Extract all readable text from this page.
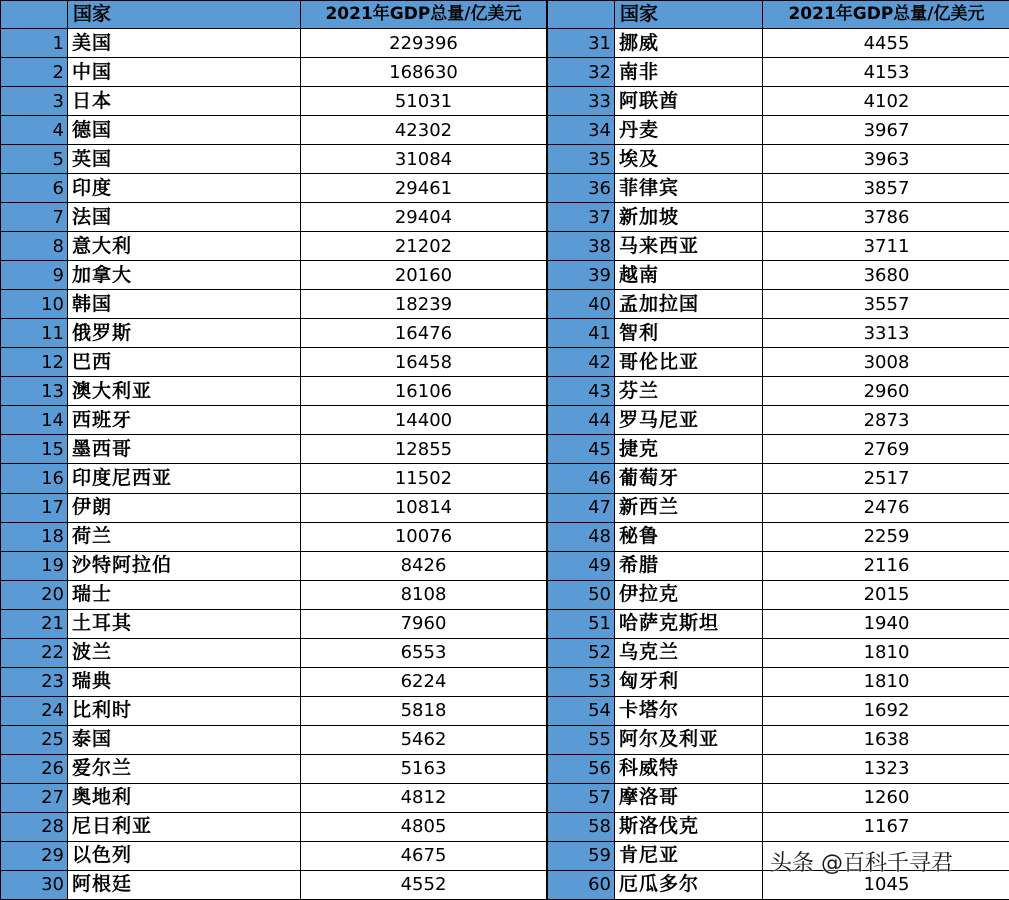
	国家	2021年GDP总量/亿美元
1	美国	229396
2	中国	168630
3	日本	51031
4	德国	42302
5	英国	31084
6	印度	29461
7	法国	29404
8	意大利	21202
9	加拿大	20160
10	韩国	18239
11	俄罗斯	16476
12	巴西	16458
13	澳大利亚	16106
14	西班牙	14400
15	墨西哥	12855
16	印度尼西亚	11502
17	伊朗	10814
18	荷兰	10076
19	沙特阿拉伯	8426
20	瑞士	8108
21	土耳其	7960
22	波兰	6553
23	瑞典	6224
24	比利时	5818
25	泰国	5462
26	爱尔兰	5163
27	奥地利	4812
28	尼日利亚	4805
29	以色列	4675
30	阿根廷	4552
	国家	2021年GDP总量/亿美元
31	挪威	4455
32	南非	4153
33	阿联酋	4102
34	丹麦	3967
35	埃及	3963
36	菲律宾	3857
37	新加坡	3786
38	马来西亚	3711
39	越南	3680
40	孟加拉国	3557
41	智利	3313
42	哥伦比亚	3008
43	芬兰	2960
44	罗马尼亚	2873
45	捷克	2769
46	葡萄牙	2517
47	新西兰	2476
48	秘鲁	2259
49	希腊	2116
50	伊拉克	2015
51	哈萨克斯坦	1940
52	乌克兰	1810
53	匈牙利	1810
54	卡塔尔	1692
55	阿尔及利亚	1638
56	科威特	1323
57	摩洛哥	1260
58	斯洛伐克	1167
59	肯尼亚	
60	厄瓜多尔	1045
头条 @百科千寻君
